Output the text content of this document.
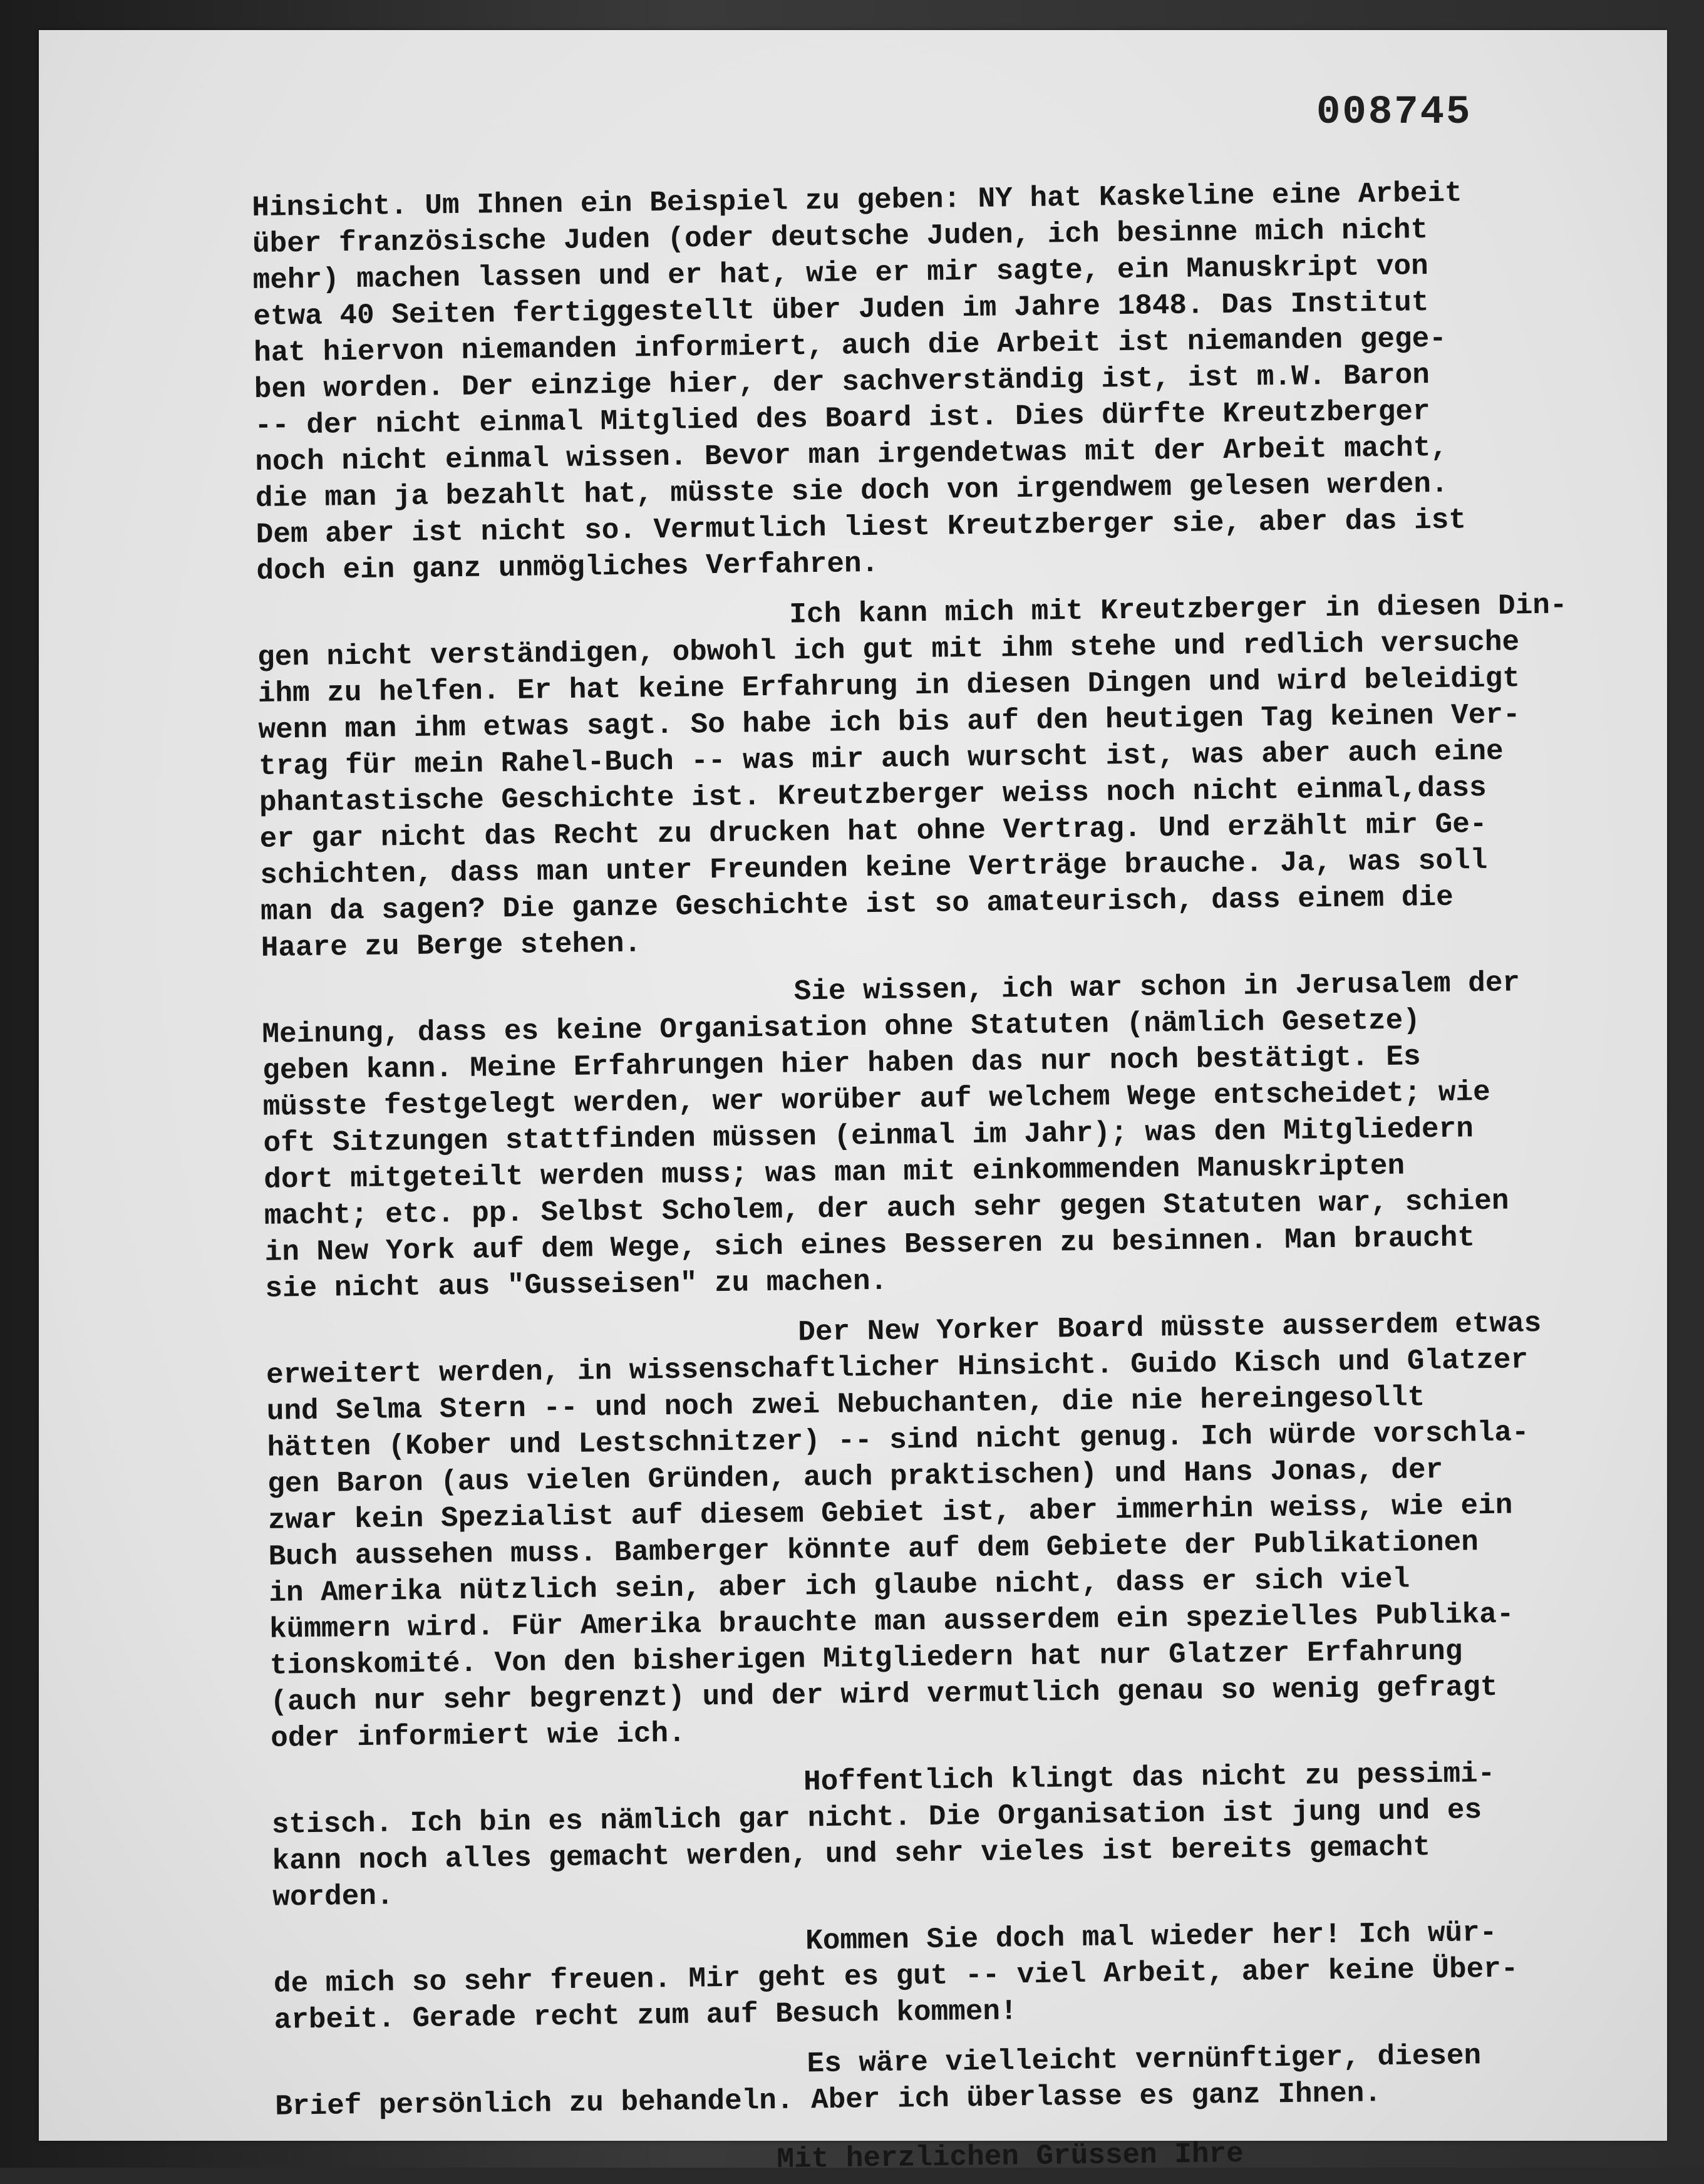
008745
Hinsicht. Um Ihnen ein Beispiel zu geben: NY hat Kaskeline eine Arbeit
über französische Juden (oder deutsche Juden, ich besinne mich nicht
mehr) machen lassen und er hat, wie er mir sagte, ein Manuskript von
etwa 40 Seiten fertiggestellt über Juden im Jahre 1848. Das Institut
hat hiervon niemanden informiert, auch die Arbeit ist niemanden gege-
ben worden. Der einzige hier, der sachverständig ist, ist m.W. Baron
-- der nicht einmal Mitglied des Board ist. Dies dürfte Kreutzberger
noch nicht einmal wissen. Bevor man irgendetwas mit der Arbeit macht,
die man ja bezahlt hat, müsste sie doch von irgendwem gelesen werden.
Dem aber ist nicht so. Vermutlich liest Kreutzberger sie, aber das ist
doch ein ganz unmögliches Verfahren.
Ich kann mich mit Kreutzberger in diesen Din-
gen nicht verständigen, obwohl ich gut mit ihm stehe und redlich versuche
ihm zu helfen. Er hat keine Erfahrung in diesen Dingen und wird beleidigt
wenn man ihm etwas sagt. So habe ich bis auf den heutigen Tag keinen Ver-
trag für mein Rahel-Buch -- was mir auch wurscht ist, was aber auch eine
phantastische Geschichte ist. Kreutzberger weiss noch nicht einmal,dass
er gar nicht das Recht zu drucken hat ohne Vertrag. Und erzählt mir Ge-
schichten, dass man unter Freunden keine Verträge brauche. Ja, was soll
man da sagen? Die ganze Geschichte ist so amateurisch, dass einem die
Haare zu Berge stehen.
Sie wissen, ich war schon in Jerusalem der
Meinung, dass es keine Organisation ohne Statuten (nämlich Gesetze)
geben kann. Meine Erfahrungen hier haben das nur noch bestätigt. Es
müsste festgelegt werden, wer worüber auf welchem Wege entscheidet; wie
oft Sitzungen stattfinden müssen (einmal im Jahr); was den Mitgliedern
dort mitgeteilt werden muss; was man mit einkommenden Manuskripten
macht; etc. pp. Selbst Scholem, der auch sehr gegen Statuten war, schien
in New York auf dem Wege, sich eines Besseren zu besinnen. Man braucht
sie nicht aus "Gusseisen" zu machen.
Der New Yorker Board müsste ausserdem etwas
erweitert werden, in wissenschaftlicher Hinsicht. Guido Kisch und Glatzer
und Selma Stern -- und noch zwei Nebuchanten, die nie hereingesollt
hätten (Kober und Lestschnitzer) -- sind nicht genug. Ich würde vorschla-
gen Baron (aus vielen Gründen, auch praktischen) und Hans Jonas, der
zwar kein Spezialist auf diesem Gebiet ist, aber immerhin weiss, wie ein
Buch aussehen muss. Bamberger könnte auf dem Gebiete der Publikationen
in Amerika nützlich sein, aber ich glaube nicht, dass er sich viel
kümmern wird. Für Amerika brauchte man ausserdem ein spezielles Publika-
tionskomité. Von den bisherigen Mitgliedern hat nur Glatzer Erfahrung
(auch nur sehr begrenzt) und der wird vermutlich genau so wenig gefragt
oder informiert wie ich.
Hoffentlich klingt das nicht zu pessimi-
stisch. Ich bin es nämlich gar nicht. Die Organisation ist jung und es
kann noch alles gemacht werden, und sehr vieles ist bereits gemacht
worden.
Kommen Sie doch mal wieder her! Ich wür-
de mich so sehr freuen. Mir geht es gut -- viel Arbeit, aber keine Über-
arbeit. Gerade recht zum auf Besuch kommen!
Es wäre vielleicht vernünftiger, diesen
Brief persönlich zu behandeln. Aber ich überlasse es ganz Ihnen.
Mit herzlichen Grüssen Ihre
